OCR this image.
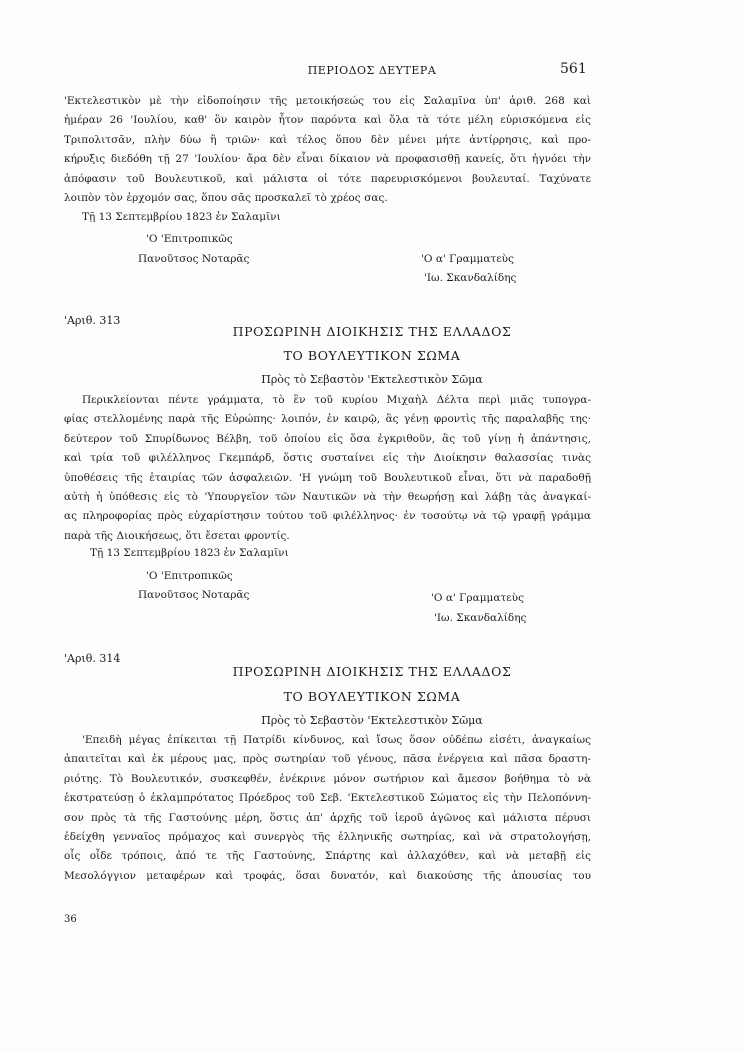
ΠΕΡΙΟΔΟΣ ΔΕΥΤΕΡΑ	561

'Εκτελεστικὸν μὲ τὴν εἰδοποίησιν τῆς μετοικήσεώς του εἰς Σαλαμῖνα ὑπ' ἀριθ. 268 καὶ
ἡμέραν 26 'Ιουλίου, καθ' ὃν καιρὸν ἦτον παρόντα καὶ ὅλα τὰ τότε μέλη εὑρισκόμενα εἰς
Τριπολιτσᾶν, πλὴν δύω ἢ τριῶν· καὶ τέλος ὅπου δὲν μένει μήτε ἀντίρρησις, καὶ προ-
κήρυξις διεδόθη τῇ 27 'Ιουλίου· ἄρα δὲν εἶναι δίκαιον νὰ προφασισθῇ κανείς, ὅτι ἠγνόει τὴν
ἀπόφασιν τοῦ Βουλευτικοῦ, καὶ μάλιστα οἱ τότε παρευρισκόμενοι βουλευταί. Ταχύνατε
λοιπὸν τὸν ἐρχομόν σας, ὅπου σᾶς προσκαλεῖ τὸ χρέος σας.

Τῇ 13 Σεπτεμβρίου 1823 ἐν Σαλαμῖνι
'Ο 'Επιτροπικῶς
Πανοῦτσος Νοταρᾶς	'Ο α' Γραμματεὺς
'Ιω. Σκανδαλίδης
'Αριθ. 313
ΠΡΟΣΩΡΙΝΗ ΔΙΟΙΚΗΣΙΣ ΤΗΣ ΕΛΛΑΔΟΣ
ΤΟ ΒΟΥΛΕΥΤΙΚΟΝ ΣΩΜΑ
Πρὸς τὸ Σεβαστὸν 'Εκτελεστικὸν Σῶμα

Περικλείονται πέντε γράμματα, τὸ ἓν τοῦ κυρίου Μιχαὴλ Δέλτα περὶ μιᾶς τυπογρα-
φίας στελλομένης παρὰ τῆς Εὐρώπης· λοιπόν, ἐν καιρῷ, ἂς γένῃ φροντὶς τῆς παραλαβῆς της·
δεύτερον τοῦ Σπυρίδωνος Βέλβη, τοῦ ὁποίου εἰς ὅσα ἐγκριθοῦν, ἂς τοῦ γίνῃ ἡ ἀπάντησις,
καὶ τρία τοῦ φιλέλληνος Γκεμπάρδ, ὅστις συσταίνει εἰς τὴν Διοίκησιν θαλασσίας τινὰς
ὑποθέσεις τῆς ἑταιρίας τῶν ἀσφαλειῶν. 'Η γνώμη τοῦ Βουλευτικοῦ εἶναι, ὅτι νὰ παραδοθῇ
αὐτὴ ἡ ὑπόθεσις εἰς τὸ 'Υπουργεῖον τῶν Ναυτικῶν νὰ τὴν θεωρήσῃ καὶ λάβῃ τὰς ἀναγκαί-
ας πληροφορίας πρὸς εὐχαρίστησιν τούτου τοῦ φιλέλληνος· ἐν τοσούτῳ νὰ τῷ γραφῇ γράμμα
παρὰ τῆς Διοικήσεως, ὅτι ἔσεται φροντίς.

Τῇ 13 Σεπτεμβρίου 1823 ἐν Σαλαμῖνι
'Ο 'Επιτροπικῶς
Πανοῦτσος Νοταρᾶς	'Ο α' Γραμματεὺς
'Ιω. Σκανδαλίδης
'Αριθ. 314
ΠΡΟΣΩΡΙΝΗ ΔΙΟΙΚΗΣΙΣ ΤΗΣ ΕΛΛΑΔΟΣ
ΤΟ ΒΟΥΛΕΥΤΙΚΟΝ ΣΩΜΑ
Πρὸς τὸ Σεβαστὸν 'Εκτελεστικὸν Σῶμα

'Επειδὴ μέγας ἐπίκειται τῇ Πατρίδι κίνδυνος, καὶ ἴσως ὅσον οὐδέπω εἰσέτι, ἀναγκαίως
ἀπαιτεῖται καὶ ἐκ μέρους μας, πρὸς σωτηρίαν τοῦ γένους, πᾶσα ἐνέργεια καὶ πᾶσα δραστη-
ριότης. Τὸ Βουλευτικόν, συσκεφθέν, ἐνέκρινε μόνον σωτήριον καὶ ἄμεσον βοήθημα τὸ νὰ
ἐκστρατεύσῃ ὁ ἐκλαμπρότατος Πρόεδρος τοῦ Σεβ. 'Εκτελεστικοῦ Σώματος εἰς τὴν Πελοπόννη-
σον πρὸς τὰ τῆς Γαστούνης μέρη, ὅστις ἀπ' ἀρχῆς τοῦ ἱεροῦ ἀγῶνος καὶ μάλιστα πέρυσι
ἐδείχθη γενναῖος πρόμαχος καὶ συνεργὸς τῆς ἑλληνικῆς σωτηρίας, καὶ νὰ στρατολογήσῃ,
οἷς οἶδε τρόποις, ἀπό τε τῆς Γαστούνης, Σπάρτης καὶ ἀλλαχόθεν, καὶ νὰ μεταβῇ εἰς
Μεσολόγγιον μεταφέρων καὶ τροφάς, ὅσαι δυνατόν, καὶ διακούσης τῆς ἀπουσίας του

36
